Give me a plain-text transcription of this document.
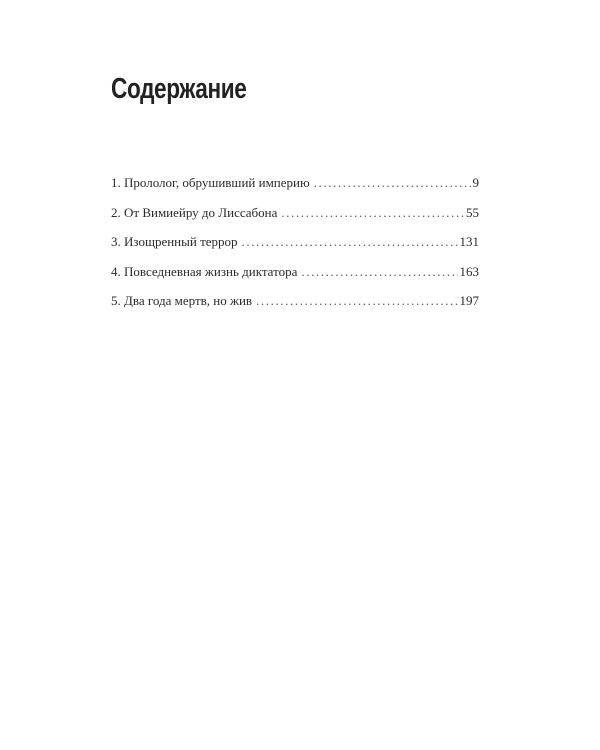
Содержание
1. Прололог, обрушивший империю .....	9
2. От Вимиейру до Лиссабона .....	55
3. Изощренный террор .....	131
4. Повседневная жизнь диктатора .....	163
5. Два года мертв, но жив .....	197
